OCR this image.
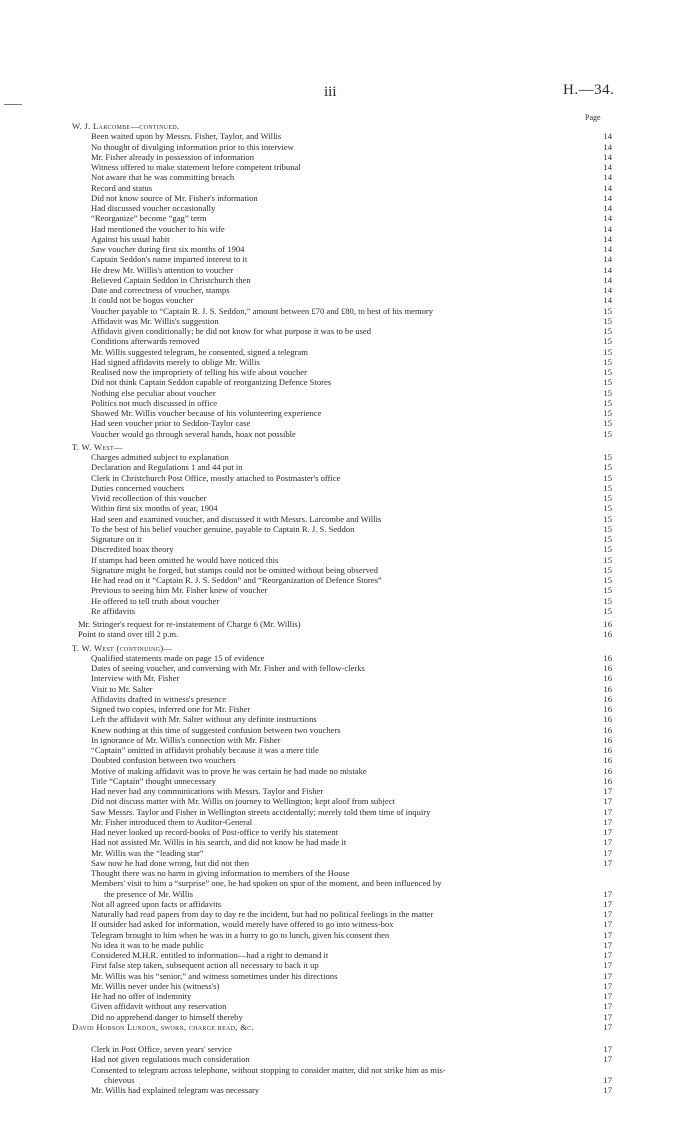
iii	H.—34.
Page
W. J. Larcombe—continued.
Been waited upon by Messrs. Fisher, Taylor, and Willis	14
No thought of divulging information prior to this interview	14
Mr. Fisher already in possession of information	14
Witness offered to make statement before competent tribunal	14
Not aware that he was committing breach	14
Record and status	14
Did not know source of Mr. Fisher's information	14
Had discussed voucher occasionally	14
“Reorganize” become “gag” term	14
Had mentioned the voucher to his wife	14
Against his usual habit	14
Saw voucher during first six months of 1904	14
Captain Seddon's name imparted interest to it	14
He drew Mr. Willis's attention to voucher	14
Believed Captain Seddon in Christchurch then	14
Date and correctness of voucher, stamps	14
It could not be bogus voucher	14
Voucher payable to “Captain R. J. S. Seddon,” amount between £70 and £80, to best of his memory	15
Affidavit was Mr. Willis's suggestion	15
Affidavit given conditionally; he did not know for what purpose it was to be used	15
Conditions afterwards removed	15
Mr. Willis suggested telegram, he consented, signed a telegram	15
Had signed affidavits merely to oblige Mr. Willis	15
Realised now the impropriety of telling his wife about voucher	15
Did not think Captain Seddon capable of reorganizing Defence Stores	15
Nothing else peculiar about voucher	15
Politics not much discussed in office	15
Showed Mr. Willis voucher because of his volunteering experience	15
Had seen voucher prior to Seddon-Taylor case	15
Voucher would go through several hands, hoax not possible	15
T. W. West—
Charges admitted subject to explanation	15
Declaration and Regulations 1 and 44 put in	15
Clerk in Christchurch Post Office, mostly attached to Postmaster's office	15
Duties concerned vouchers	15
Vivid recollection of this voucher	15
Within first six months of year, 1904	15
Had seen and examined voucher, and discussed it with Messrs. Larcombe and Willis	15
To the best of his belief voucher genuine, payable to Captain R. J. S. Seddon	15
Signature on it	15
Discredited hoax theory	15
If stamps had been omitted he would have noticed this	15
Signature might be forged, but stamps could not be omitted without being observed	15
He had read on it “Captain R. J. S. Seddon” and “Reorganization of Defence Stores”	15
Previous to seeing him Mr. Fisher knew of voucher	15
He offered to tell truth about voucher	15
Re affidavits	15
Mr. Stringer's request for re-instatement of Charge 6 (Mr. Willis)	16
Point to stand over till 2 p.m.	16
T. W. West (continuing)—
Qualified statements made on page 15 of evidence	16
Dates of seeing voucher, and conversing with Mr. Fisher and with fellow-clerks	16
Interview with Mr. Fisher	16
Visit to Mr. Salter	16
Affidavits drafted in witness's presence	16
Signed two copies, inferred one for Mr. Fisher	16
Left the affidavit with Mr. Salter without any definite instructions	16
Knew nothing at this time of suggested confusion between two vouchers	16
In ignorance of Mr. Willis's connection with Mr. Fisher	16
“Captain” omitted in affidavit probably because it was a mere title	16
Doubted confusion between two vouchers	16
Motive of making affidavit was to prove he was certain he had made no mistake	16
Title “Captain” thought unnecessary	16
Had never had any communications with Messrs. Taylor and Fisher	17
Did not discuss matter with Mr. Willis on journey to Wellington; kept aloof from subject	17
Saw Messrs. Taylor and Fisher in Wellington streets accidentally; merely told them time of inquiry	17
Mr. Fisher introduced them to Auditor-General	17
Had never looked up record-books of Post-office to verify his statement	17
Had not assisted Mr. Willis in his search, and did not know he had made it	17
Mr. Willis was the “leading star”	17
Saw now he had done wrong, but did not then	17
Thought there was no harm in giving information to members of the House
Members' visit to him a “surprise” one, he had spoken on spur of the moment, and been influenced by
the presence of Mr. Willis	17
Not all agreed upon facts or affidavits	17
Naturally had read papers from day to day re the incident, but had no political feelings in the matter	17
If outsider had asked for information, would merely have offered to go into witness-box	17
Telegram brought to him when he was in a hurry to go to lunch, given his consent then	17
No idea it was to be made public	17
Considered M.H.R. entitled to information—had a right to demand it	17
First false step taken, subsequent action all necessary to back it up	17
Mr. Willis was his “senior,” and witness sometimes under his directions	17
Mr. Willis never under his (witness's)	17
He had no offer of indemnity	17
Given affidavit without any reservation	17
Did no apprehend danger to himself thereby	17
David Hobson Lundon, sworn, charge read, &c.	17
Clerk in Post Office, seven years' service	17
Had not given regulations much consideration	17
Consented to telegram across telephone, without stopping to consider matter, did not strike him as mis-
chievous	17
Mr. Willis had explained telegram was necessary	17
